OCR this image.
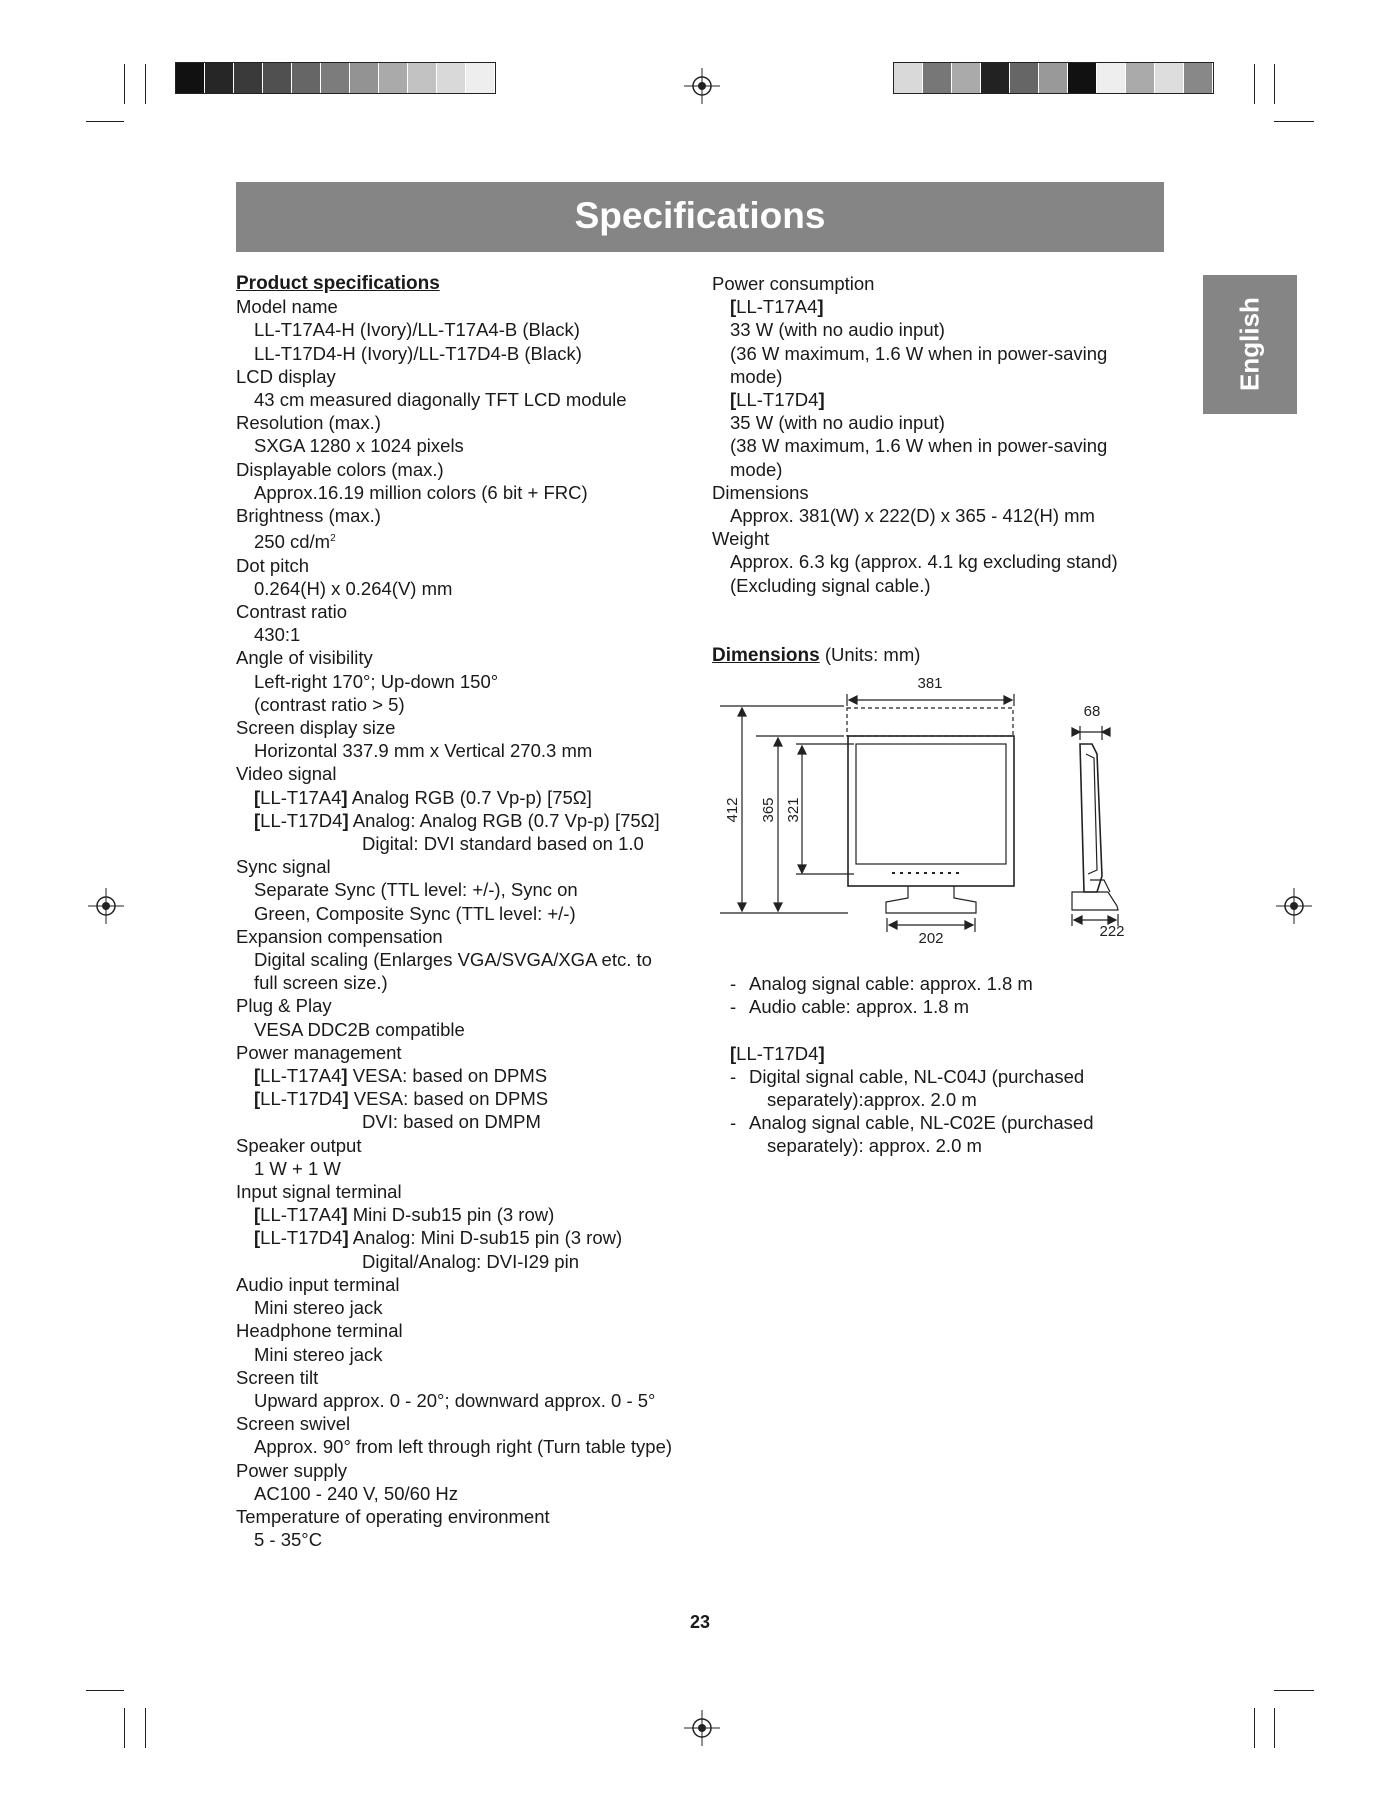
Specifications
English
Product specifications
Model name
LL-T17A4-H (Ivory)/LL-T17A4-B (Black)
LL-T17D4-H (Ivory)/LL-T17D4-B (Black)
LCD display
43 cm measured diagonally TFT LCD module
Resolution (max.)
SXGA 1280 x 1024 pixels
Displayable colors (max.)
Approx.16.19 million colors (6 bit + FRC)
Brightness (max.)
250 $cd/m^2$
Dot pitch
0.264(H) x 0.264(V) mm
Contrast ratio
430:1
Angle of visibility
Left-right 170°; Up-down 150°
(contrast ratio > 5)
Screen display size
Horizontal 337.9 mm x Vertical 270.3 mm
Video signal
[LL-T17A4] Analog RGB (0.7 Vp-p) [75Ω]
[LL-T17D4] Analog: Analog RGB (0.7 Vp-p) [75Ω]
Digital: DVI standard based on 1.0
Sync signal
Separate Sync (TTL level: +/-), Sync on
Green, Composite Sync (TTL level: +/-)
Expansion compensation
Digital scaling (Enlarges VGA/SVGA/XGA etc. to
full screen size.)
Plug & Play
VESA DDC2B compatible
Power management
[LL-T17A4] VESA: based on DPMS
[LL-T17D4] VESA: based on DPMS
DVI: based on DMPM
Speaker output
1 W + 1 W
Input signal terminal
[LL-T17A4] Mini D-sub15 pin (3 row)
[LL-T17D4] Analog: Mini D-sub15 pin (3 row)
Digital/Analog: DVI-I29 pin
Audio input terminal
Mini stereo jack
Headphone terminal
Mini stereo jack
Screen tilt
Upward approx. 0 - 20°; downward approx. 0 - 5°
Screen swivel
Approx. 90° from left through right (Turn table type)
Power supply
AC100 - 240 V, 50/60 Hz
Temperature of operating environment
5 - 35°C
Power consumption
[LL-T17A4]
33 W (with no audio input)
(36 W maximum, 1.6 W when in power-saving
mode)
[LL-T17D4]
35 W (with no audio input)
(38 W maximum, 1.6 W when in power-saving
mode)
Dimensions
Approx. 381(W) x 222(D) x 365 - 412(H) mm
Weight
Approx. 6.3 kg (approx. 4.1 kg excluding stand)
(Excluding signal cable.)
Dimensions (Units: mm)
381
68
412 365 321
202	222
- Analog signal cable: approx. 1.8 m
- Audio cable: approx. 1.8 m
[LL-T17D4]
- Digital signal cable, NL-C04J (purchased
separately):approx. 2.0 m
- Analog signal cable, NL-C02E (purchased
separately): approx. 2.0 m
23
